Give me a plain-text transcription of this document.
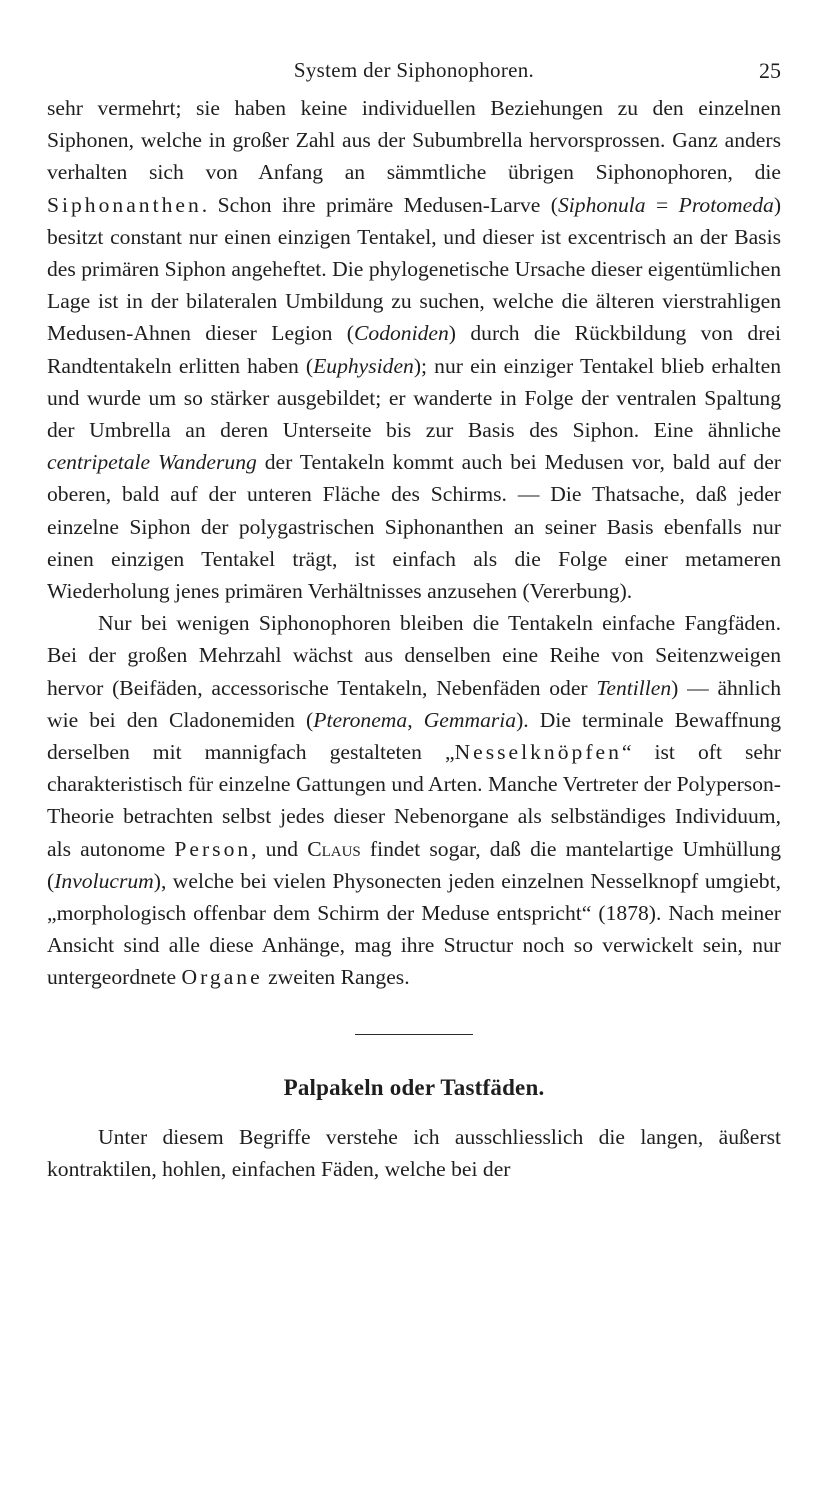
System der Siphonophoren.	25

sehr vermehrt; sie haben keine individuellen Beziehungen zu den einzelnen Siphonen, welche in großer Zahl aus der Subumbrella hervorsprossen. Ganz anders verhalten sich von Anfang an sämmtliche übrigen Siphonophoren, die Siphonanthen. Schon ihre primäre Medusen-Larve (Siphonula = Protomeda) besitzt constant nur einen einzigen Tentakel, und dieser ist excentrisch an der Basis des primären Siphon angeheftet. Die phylogenetische Ursache dieser eigentümlichen Lage ist in der bilateralen Umbildung zu suchen, welche die älteren vierstrahligen Medusen-Ahnen dieser Legion (Codoniden) durch die Rückbildung von drei Randtentakeln erlitten haben (Euphysiden); nur ein einziger Tentakel blieb erhalten und wurde um so stärker ausgebildet; er wanderte in Folge der ventralen Spaltung der Umbrella an deren Unterseite bis zur Basis des Siphon. Eine ähnliche centripetale Wanderung der Tentakeln kommt auch bei Medusen vor, bald auf der oberen, bald auf der unteren Fläche des Schirms. — Die Thatsache, daß jeder einzelne Siphon der polygastrischen Siphonanthen an seiner Basis ebenfalls nur einen einzigen Tentakel trägt, ist einfach als die Folge einer metameren Wiederholung jenes primären Verhältnisses anzusehen (Vererbung).

Nur bei wenigen Siphonophoren bleiben die Tentakeln einfache Fangfäden. Bei der großen Mehrzahl wächst aus denselben eine Reihe von Seitenzweigen hervor (Beifäden, accessorische Tentakeln, Nebenfäden oder Tentillen) — ähnlich wie bei den Cladonemiden (Pteronema, Gemmaria). Die terminale Bewaffnung derselben mit mannigfach gestalteten „Nesselknöpfen“ ist oft sehr charakteristisch für einzelne Gattungen und Arten. Manche Vertreter der Polyperson-Theorie betrachten selbst jedes dieser Nebenorgane als selbständiges Individuum, als autonome Person, und Claus findet sogar, daß die mantelartige Umhüllung (Involucrum), welche bei vielen Physonecten jeden einzelnen Nesselknopf umgiebt, „morphologisch offenbar dem Schirm der Meduse entspricht“ (1878). Nach meiner Ansicht sind alle diese Anhänge, mag ihre Structur noch so verwickelt sein, nur untergeordnete Organe zweiten Ranges.

Palpakeln oder Tastfäden.

Unter diesem Begriffe verstehe ich ausschliesslich die langen, äußerst kontraktilen, hohlen, einfachen Fäden, welche bei der
